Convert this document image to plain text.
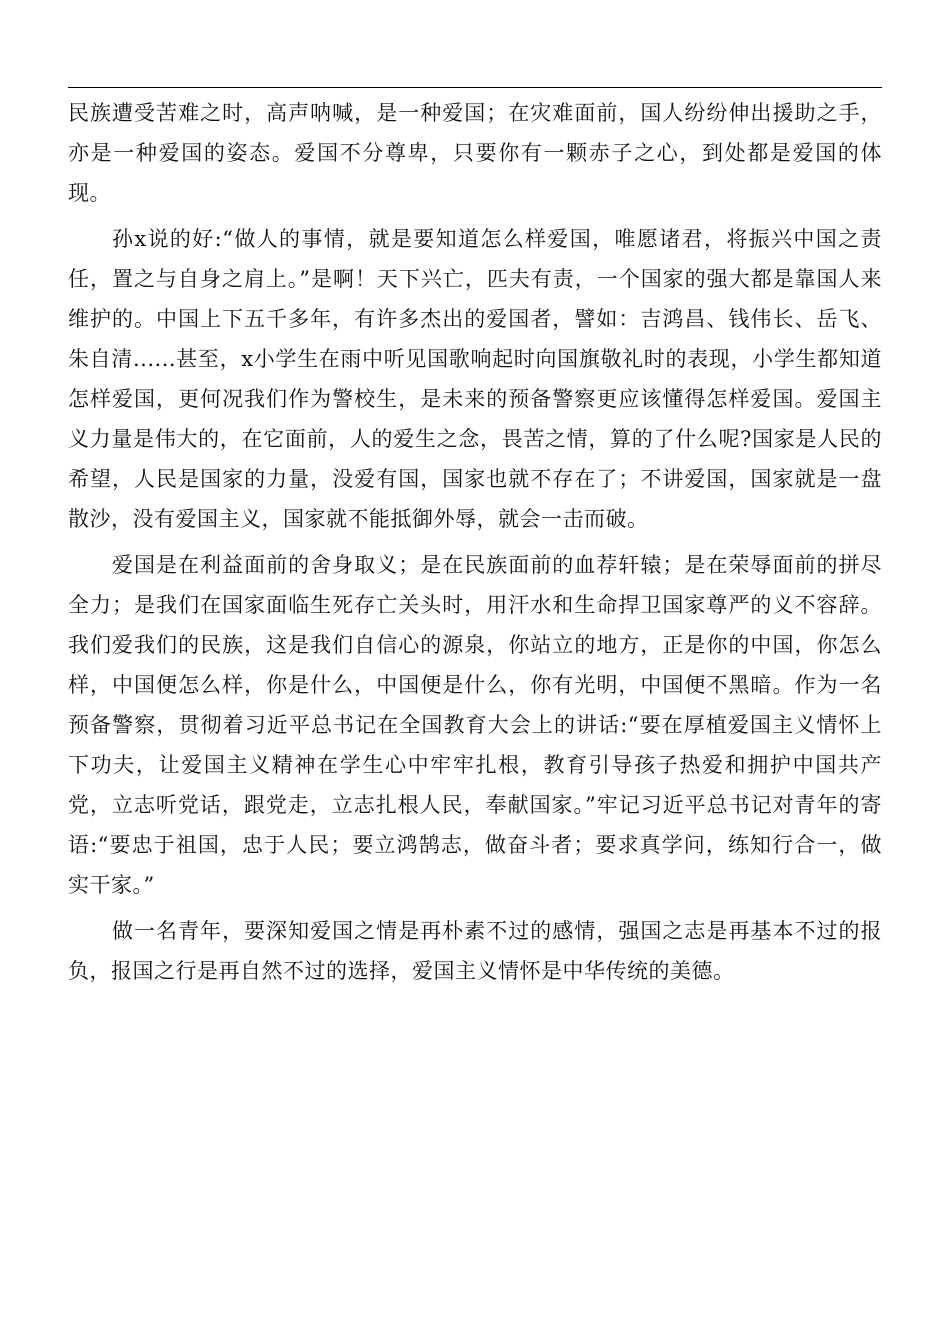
民族遭受苦难之时，高声呐喊，是一种爱国；在灾难面前，国人纷纷伸出援助之手，亦是一种爱国的姿态。爱国不分尊卑，只要你有一颗赤子之心，到处都是爱国的体现。

孙x说的好:“做人的事情，就是要知道怎么样爱国，唯愿诸君，将振兴中国之责任，置之与自身之肩上。”是啊！天下兴亡，匹夫有责，一个国家的强大都是靠国人来维护的。中国上下五千多年，有许多杰出的爱国者，譬如：吉鸿昌、钱伟长、岳飞、朱自清......甚至，x小学生在雨中听见国歌响起时向国旗敬礼时的表现，小学生都知道怎样爱国，更何况我们作为警校生，是未来的预备警察更应该懂得怎样爱国。爱国主义力量是伟大的，在它面前，人的爱生之念，畏苦之情，算的了什么呢?国家是人民的希望，人民是国家的力量，没爱有国，国家也就不存在了；不讲爱国，国家就是一盘散沙，没有爱国主义，国家就不能抵御外辱，就会一击而破。

爱国是在利益面前的舍身取义；是在民族面前的血荐轩辕；是在荣辱面前的拼尽全力；是我们在国家面临生死存亡关头时，用汗水和生命捍卫国家尊严的义不容辞。我们爱我们的民族，这是我们自信心的源泉，你站立的地方，正是你的中国，你怎么样，中国便怎么样，你是什么，中国便是什么，你有光明，中国便不黑暗。作为一名预备警察，贯彻着习近平总书记在全国教育大会上的讲话:“要在厚植爱国主义情怀上下功夫，让爱国主义精神在学生心中牢牢扎根，教育引导孩子热爱和拥护中国共产党，立志听党话，跟党走，立志扎根人民，奉献国家。”牢记习近平总书记对青年的寄语:“要忠于祖国，忠于人民；要立鸿鹄志，做奋斗者；要求真学问，练知行合一，做实干家。”

做一名青年，要深知爱国之情是再朴素不过的感情，强国之志是再基本不过的报负，报国之行是再自然不过的选择，爱国主义情怀是中华传统的美德。
